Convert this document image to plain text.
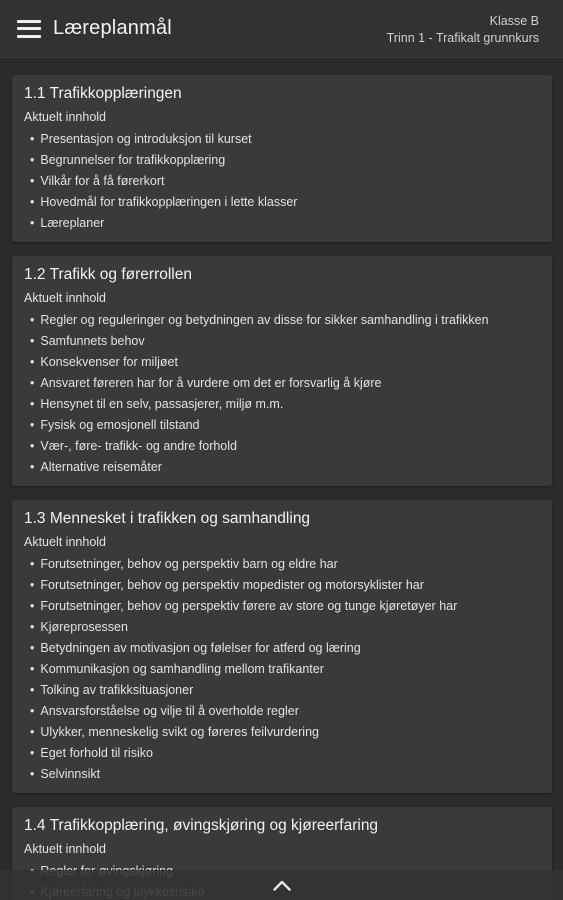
Læreplanmål	Klasse B
Trinn 1 - Trafikalt grunnkurs
1.1 Trafikkopplæringen
Aktuelt innhold
• Presentasjon og introduksjon til kurset
• Begrunnelser for trafikkopplæring
• Vilkår for å få førerkort
• Hovedmål for trafikkopplæringen i lette klasser
• Læreplaner
1.2 Trafikk og førerrollen
Aktuelt innhold
• Regler og reguleringer og betydningen av disse for sikker samhandling i trafikken
• Samfunnets behov
• Konsekvenser for miljøet
• Ansvaret føreren har for å vurdere om det er forsvarlig å kjøre
• Hensynet til en selv, passasjerer, miljø m.m.
• Fysisk og emosjonell tilstand
• Vær-, føre- trafikk- og andre forhold
• Alternative reisemåter
1.3 Mennesket i trafikken og samhandling
Aktuelt innhold
• Forutsetninger, behov og perspektiv barn og eldre har
• Forutsetninger, behov og perspektiv mopedister og motorsyklister har
• Forutsetninger, behov og perspektiv førere av store og tunge kjøretøyer har
• Kjøreprosessen
• Betydningen av motivasjon og følelser for atferd og læring
• Kommunikasjon og samhandling mellom trafikanter
• Tolking av trafikksituasjoner
• Ansvarsforståelse og vilje til å overholde regler
• Ulykker, menneskelig svikt og føreres feilvurdering
• Eget forhold til risiko
• Selvinnsikt
1.4 Trafikkopplæring, øvingskjøring og kjøreerfaring
Aktuelt innhold
•
•
